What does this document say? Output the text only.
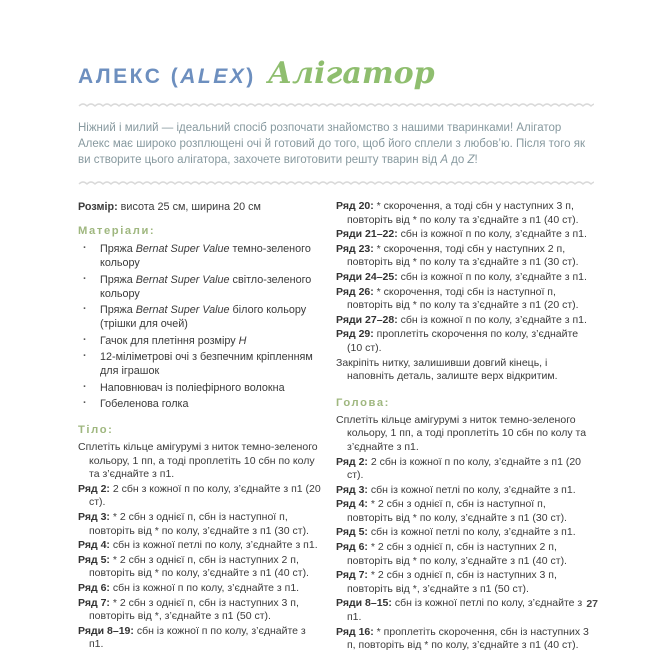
АЛЕКС (ALEX) Алігатор

Ніжний і милий — ідеальний спосіб розпочати знайомство з нашими тваринками! Алігатор Алекс має широко розплющені очі й готовий до того, щоб його сплели з любов’ю. Після того як ви створите цього алігатора, захочете виготовити решту тварин від A до Z!

Розмір: висота 25 см, ширина 20 см

Матеріали:
· Пряжа Bernat Super Value темно-зеленого кольору
· Пряжа Bernat Super Value світло-зеленого кольору
· Пряжа Bernat Super Value білого кольору (трішки для очей)
· Гачок для плетіння розміру H
· 12-міліметрові очі з безпечним кріпленням для іграшок
· Наповнювач із поліефірного волокна
· Гобеленова голка
Тіло:
Сплетіть кільце амігурумі з ниток темно-зеленого кольору, 1 пп, а тоді проплетіть 10 сбн по колу та з’єднайте з п1.
Ряд 2: 2 сбн з кожної п по колу, з’єднайте з п1 (20 ст).
Ряд 3: * 2 сбн з однієї п, сбн із наступної п, повторіть від * по колу, з’єднайте з п1 (30 ст).
Ряд 4: сбн із кожної петлі по колу, з’єднайте з п1.
Ряд 5: * 2 сбн з однієї п, сбн із наступних 2 п, повторіть від * по колу, з’єднайте з п1 (40 ст).
Ряд 6: сбн із кожної п по колу, з’єднайте з п1.
Ряд 7: * 2 сбн з однієї п, сбн із наступних 3 п, повторіть від *, з’єднайте з п1 (50 ст).
Ряди 8–19: сбн із кожної п по колу, з’єднайте з п1.
Ряд 20: * скорочення, а тоді сбн у наступних 3 п, повторіть від * по колу та з’єднайте з п1 (40 ст).
Ряди 21–22: сбн із кожної п по колу, з’єднайте з п1.
Ряд 23: * скорочення, тоді сбн у наступних 2 п, повторіть від * по колу та з’єднайте з п1 (30 ст).
Ряди 24–25: сбн із кожної п по колу, з’єднайте з п1.
Ряд 26: * скорочення, тоді сбн із наступної п, повторіть від * по колу та з’єднайте з п1 (20 ст).
Ряди 27–28: сбн із кожної п по колу, з’єднайте з п1.
Ряд 29: проплетіть скорочення по колу, з’єднайте (10 ст).
Закріпіть нитку, залишивши довгий кінець, і наповніть деталь, залиште верх відкритим.
Голова:
Сплетіть кільце амігурумі з ниток темно-зеленого кольору, 1 пп, а тоді проплетіть 10 сбн по колу та з’єднайте з п1.
Ряд 2: 2 сбн із кожної п по колу, з’єднайте з п1 (20 ст).
Ряд 3: сбн із кожної петлі по колу, з’єднайте з п1.
Ряд 4: * 2 сбн з однієї п, сбн із наступної п, повторіть від * по колу, з’єднайте з п1 (30 ст).
Ряд 5: сбн із кожної петлі по колу, з’єднайте з п1.
Ряд 6: * 2 сбн з однієї п, сбн із наступних 2 п, повторіть від * по колу, з’єднайте з п1 (40 ст).
Ряд 7: * 2 сбн з однієї п, сбн із наступних 3 п, повторіть від *, з’єднайте з п1 (50 ст).
Ряди 8–15: сбн із кожної петлі по колу, з’єднайте з п1.
Ряд 16: * проплетіть скорочення, сбн із наступних 3 п, повторіть від * по колу, з’єднайте з п1 (40 ст).
27
